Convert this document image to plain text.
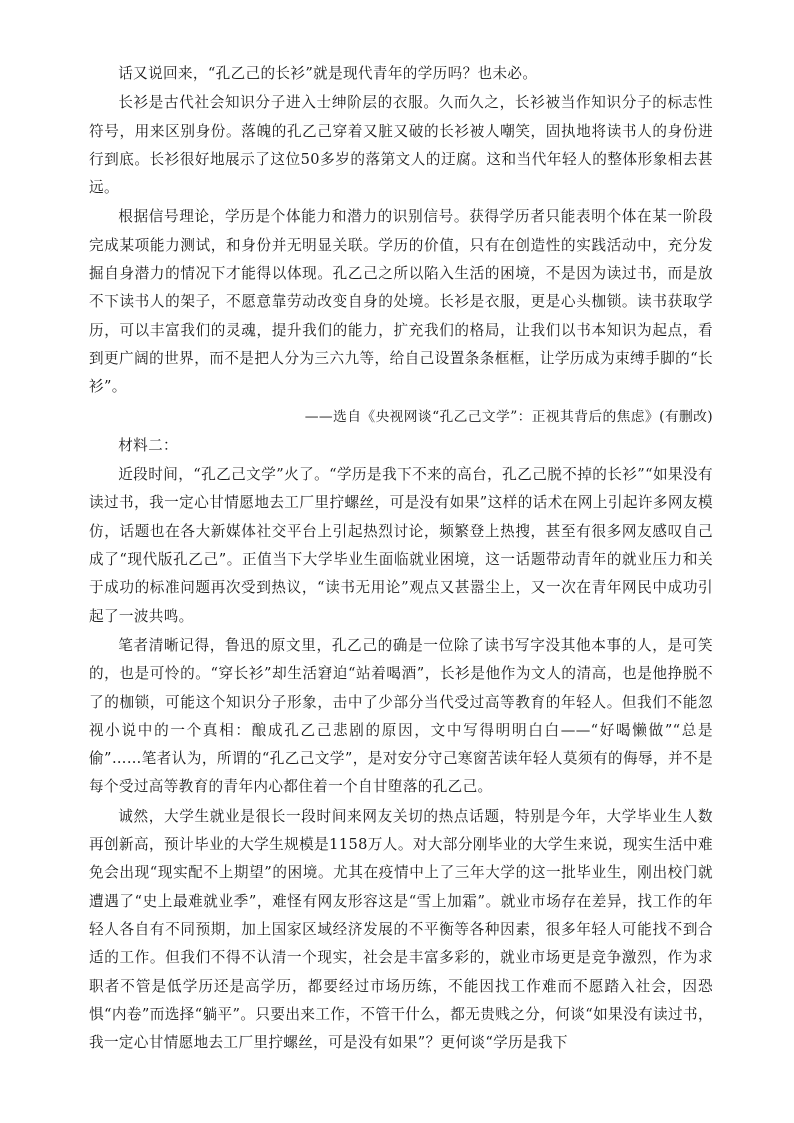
话又说回来，“孔乙己的长衫”就是现代青年的学历吗？也未必。

长衫是古代社会知识分子进入士绅阶层的衣服。久而久之，长衫被当作知识分子的标志性符号，用来区别身份。落魄的孔乙己穿着又脏又破的长衫被人嘲笑，固执地将读书人的身份进行到底。长衫很好地展示了这位50多岁的落第文人的迂腐。这和当代年轻人的整体形象相去甚远。

根据信号理论，学历是个体能力和潜力的识别信号。获得学历者只能表明个体在某一阶段完成某项能力测试，和身份并无明显关联。学历的价值，只有在创造性的实践活动中，充分发掘自身潜力的情况下才能得以体现。孔乙己之所以陷入生活的困境，不是因为读过书，而是放不下读书人的架子，不愿意靠劳动改变自身的处境。长衫是衣服，更是心头枷锁。读书获取学历，可以丰富我们的灵魂，提升我们的能力，扩充我们的格局，让我们以书本知识为起点，看到更广阔的世界，而不是把人分为三六九等，给自己设置条条框框，让学历成为束缚手脚的“长衫”。

——选自《央视网谈“孔乙己文学”：正视其背后的焦虑》(有删改)

材料二：

近段时间，“孔乙己文学”火了。“学历是我下不来的高台，孔乙己脱不掉的长衫”“如果没有读过书，我一定心甘情愿地去工厂里拧螺丝，可是没有如果”这样的话术在网上引起许多网友模仿，话题也在各大新媒体社交平台上引起热烈讨论，频繁登上热搜，甚至有很多网友感叹自己成了“现代版孔乙己”。正值当下大学毕业生面临就业困境，这一话题带动青年的就业压力和关于成功的标准问题再次受到热议，“读书无用论”观点又甚嚣尘上，又一次在青年网民中成功引起了一波共鸣。

笔者清晰记得，鲁迅的原文里，孔乙己的确是一位除了读书写字没其他本事的人，是可笑的，也是可怜的。“穿长衫”却生活窘迫“站着喝酒”，长衫是他作为文人的清高，也是他挣脱不了的枷锁，可能这个知识分子形象，击中了少部分当代受过高等教育的年轻人。但我们不能忽视小说中的一个真相：酿成孔乙己悲剧的原因，文中写得明明白白——“好喝懒做”“总是偷”……笔者认为，所谓的“孔乙己文学”，是对安分守己寒窗苦读年轻人莫须有的侮辱，并不是每个受过高等教育的青年内心都住着一个自甘堕落的孔乙己。

诚然，大学生就业是很长一段时间来网友关切的热点话题，特别是今年，大学毕业生人数再创新高，预计毕业的大学生规模是1158万人。对大部分刚毕业的大学生来说，现实生活中难免会出现“现实配不上期望”的困境。尤其在疫情中上了三年大学的这一批毕业生，刚出校门就遭遇了“史上最难就业季”，难怪有网友形容这是“雪上加霜”。就业市场存在差异，找工作的年轻人各自有不同预期，加上国家区域经济发展的不平衡等各种因素，很多年轻人可能找不到合适的工作。但我们不得不认清一个现实，社会是丰富多彩的，就业市场更是竞争激烈，作为求职者不管是低学历还是高学历，都要经过市场历练，不能因找工作难而不愿踏入社会，因恐惧“内卷”而选择“躺平”。只要出来工作，不管干什么，都无贵贱之分，何谈“如果没有读过书，我一定心甘情愿地去工厂里拧螺丝，可是没有如果”？更何谈“学历是我下
